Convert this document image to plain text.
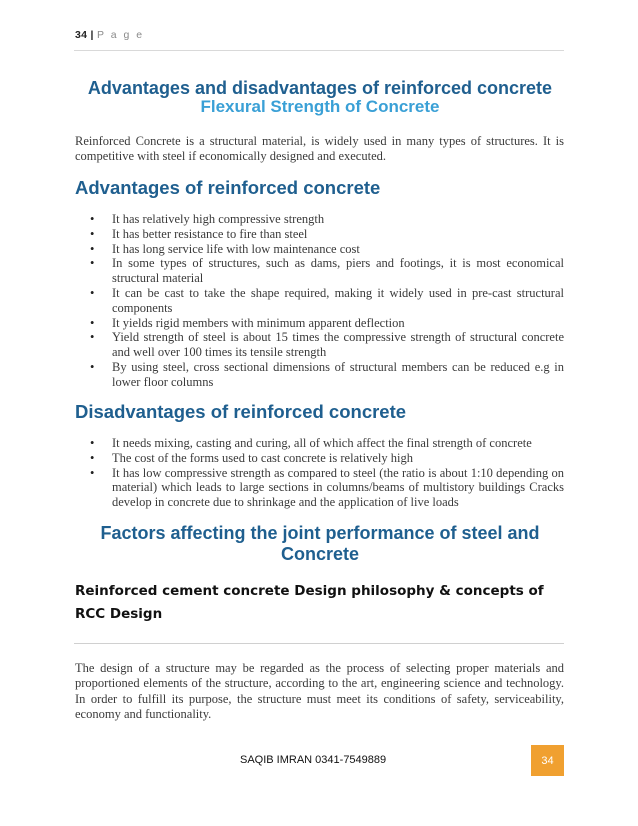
34 | P a g e
Advantages and disadvantages of reinforced concrete
Flexural Strength of Concrete

Reinforced Concrete is a structural material, is widely used in many types of structures. It is competitive with steel if economically designed and executed.

Advantages of reinforced concrete
• It has relatively high compressive strength
• It has better resistance to fire than steel
• It has long service life with low maintenance cost
• In some types of structures, such as dams, piers and footings, it is most economical structural material
• It can be cast to take the shape required, making it widely used in pre-cast structural components
• It yields rigid members with minimum apparent deflection
• Yield strength of steel is about 15 times the compressive strength of structural concrete and well over 100 times its tensile strength
• By using steel, cross sectional dimensions of structural members can be reduced e.g in lower floor columns
Disadvantages of reinforced concrete
• It needs mixing, casting and curing, all of which affect the final strength of concrete
• The cost of the forms used to cast concrete is relatively high
• It has low compressive strength as compared to steel (the ratio is about 1:10 depending on material) which leads to large sections in columns/beams of multistory buildings Cracks develop in concrete due to shrinkage and the application of live loads
Factors affecting the joint performance of steel and Concrete
Reinforced cement concrete Design philosophy & concepts of RCC Design

The design of a structure may be regarded as the process of selecting proper materials and proportioned elements of the structure, according to the art, engineering science and technology. In order to fulfill its purpose, the structure must meet its conditions of safety, serviceability, economy and functionality.

SAQIB IMRAN 0341-7549889	34
